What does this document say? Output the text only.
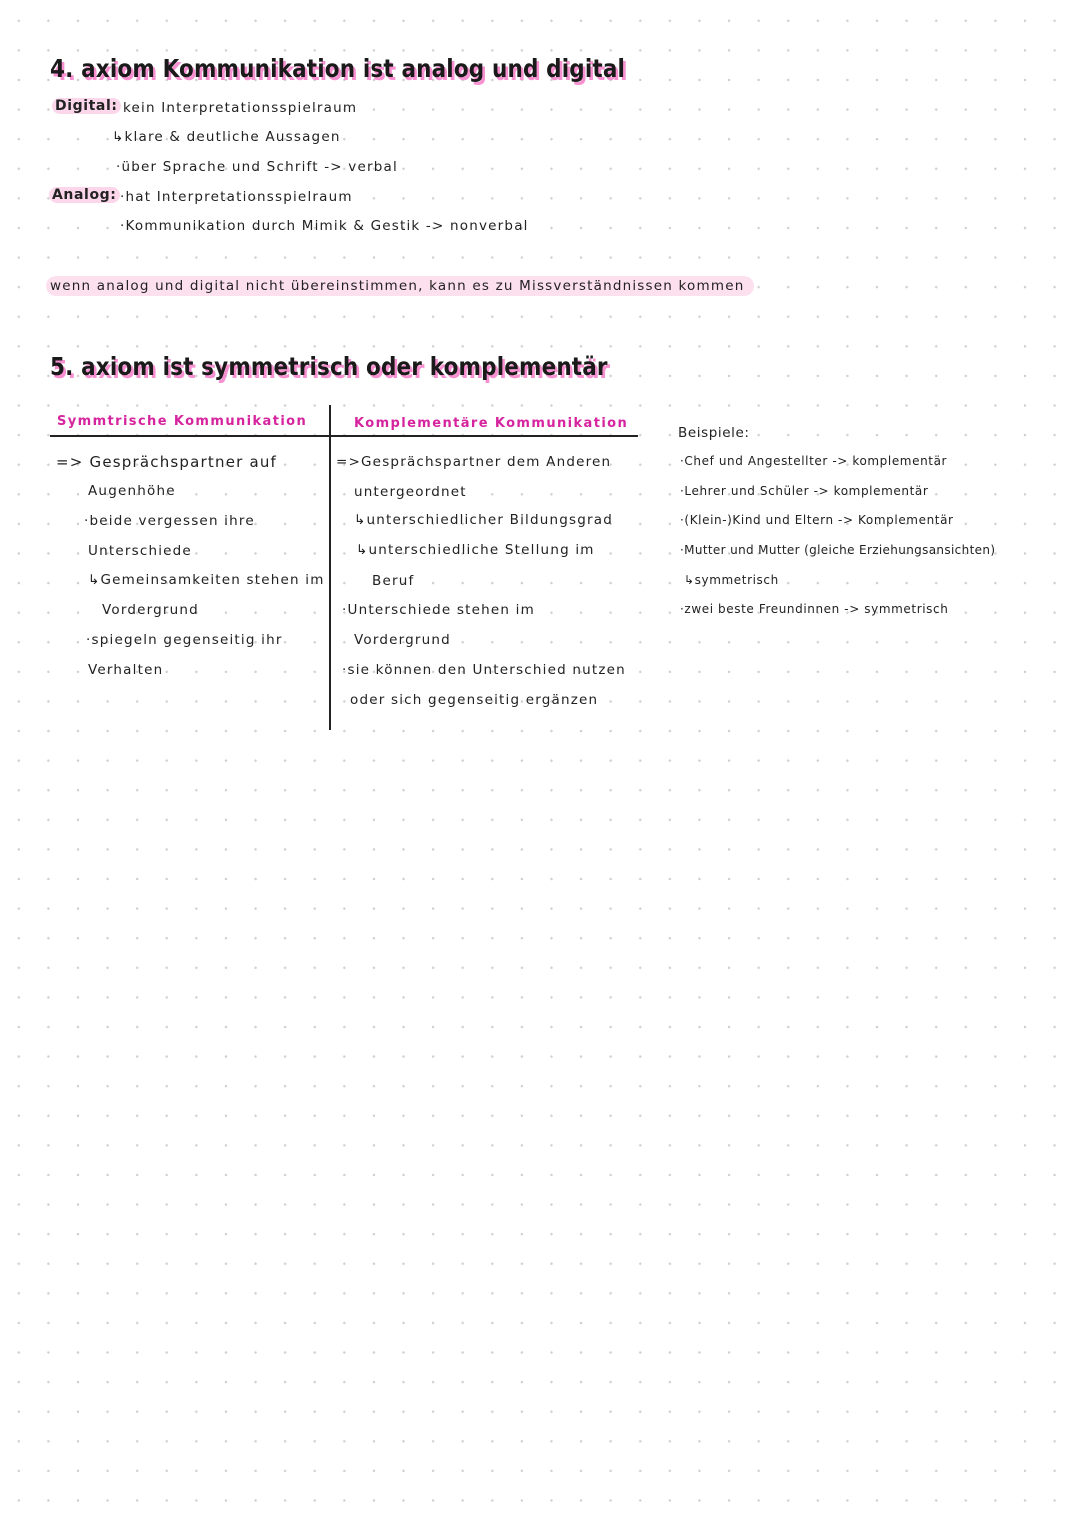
4. axiom Kommunikation ist analog und digital
Digital:
· kein Interpretationsspielraum
↳klare & deutliche Aussagen
·über Sprache und Schrift -> verbal
Analog: ·hat Interpretationsspielraum
·Kommunikation durch Mimik & Gestik -> nonverbal
wenn analog und digital nicht übereinstimmen, kann es zu Missverständnissen kommen
5. axiom ist symmetrisch oder komplementär
Symmtrische Kommunikation	Komplementäre Kommunikation
=> Gesprächspartner auf
Augenhöhe
·beide vergessen ihre
Unterschiede
↳Gemeinsamkeiten stehen im
Vordergrund
·spiegeln gegenseitig ihr
Verhalten
=>Gesprächspartner dem Anderen
untergeordnet
↳unterschiedlicher Bildungsgrad
↳unterschiedliche Stellung im
Beruf
·Unterschiede stehen im
Vordergrund
·sie können den Unterschied nutzen
oder sich gegenseitig ergänzen
Beispiele:
·Chef und Angestellter -> komplementär
·Lehrer und Schüler -> komplementär
·(Klein-)Kind und Eltern -> Komplementär
·Mutter und Mutter (gleiche Erziehungsansichten)
↳symmetrisch
·zwei beste Freundinnen -> symmetrisch
